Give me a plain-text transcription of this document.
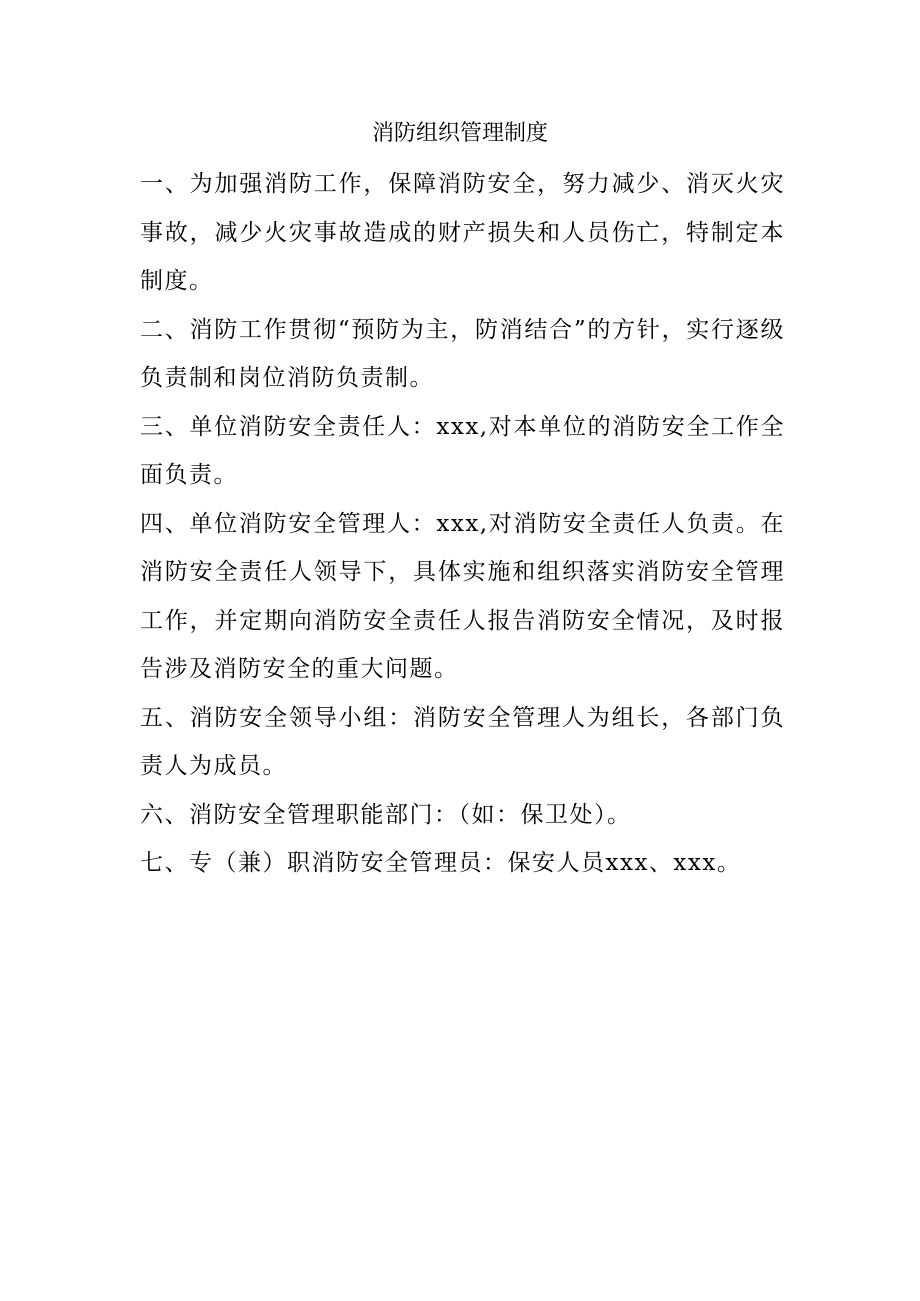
消防组织管理制度

一、为加强消防工作，保障消防安全，努力减少、消灭火灾事故，减少火灾事故造成的财产损失和人员伤亡，特制定本制度。

二、消防工作贯彻“预防为主，防消结合”的方针，实行逐级负责制和岗位消防负责制。

三、单位消防安全责任人：xxx,对本单位的消防安全工作全面负责。

四、单位消防安全管理人：xxx,对消防安全责任人负责。在消防安全责任人领导下，具体实施和组织落实消防安全管理工作，并定期向消防安全责任人报告消防安全情况，及时报告涉及消防安全的重大问题。

五、消防安全领导小组：消防安全管理人为组长，各部门负责人为成员。

六、消防安全管理职能部门：（如：保卫处）。

七、专（兼）职消防安全管理员：保安人员xxx、xxx。
